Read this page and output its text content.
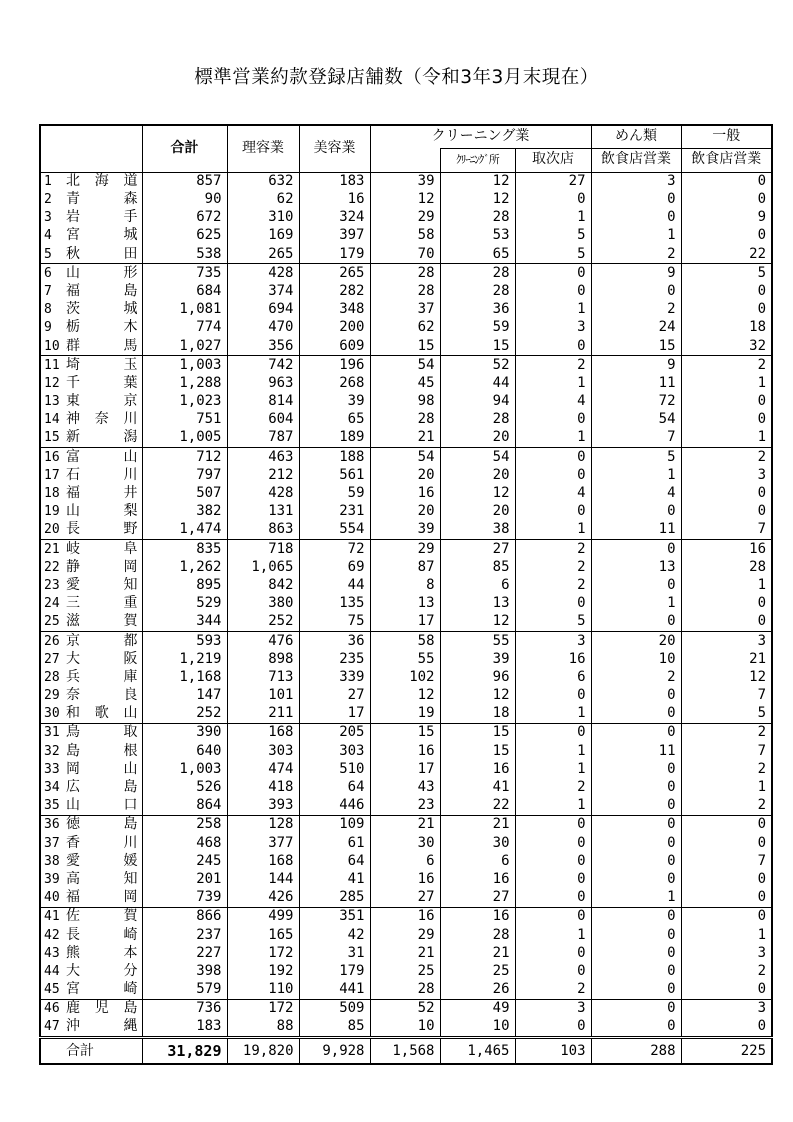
標準営業約款登録店舗数（令和3年3月末現在）
		合計	理容業	美容業	クリーニング業			めん類	一般
						ｸﾘｰﾆﾝｸﾞ所	取次店	飲食店営業	飲食店営業
1	北 海 道	857	632	183	39	12	27	3	0
2	青 森	90	62	16	12	12	0	0	0
3	岩 手	672	310	324	29	28	1	0	9
4	宮 城	625	169	397	58	53	5	1	0
5	秋 田	538	265	179	70	65	5	2	22
6	山 形	735	428	265	28	28	0	9	5
7	福 島	684	374	282	28	28	0	0	0
8	茨 城	1,081	694	348	37	36	1	2	0
9	栃 木	774	470	200	62	59	3	24	18
10	群 馬	1,027	356	609	15	15	0	15	32
11	埼 玉	1,003	742	196	54	52	2	9	2
12	千 葉	1,288	963	268	45	44	1	11	1
13	東 京	1,023	814	39	98	94	4	72	0
14	神 奈 川	751	604	65	28	28	0	54	0
15	新 潟	1,005	787	189	21	20	1	7	1
16	富 山	712	463	188	54	54	0	5	2
17	石 川	797	212	561	20	20	0	1	3
18	福 井	507	428	59	16	12	4	4	0
19	山 梨	382	131	231	20	20	0	0	0
20	長 野	1,474	863	554	39	38	1	11	7
21	岐 阜	835	718	72	29	27	2	0	16
22	静 岡	1,262	1,065	69	87	85	2	13	28
23	愛 知	895	842	44	8	6	2	0	1
24	三 重	529	380	135	13	13	0	1	0
25	滋 賀	344	252	75	17	12	5	0	0
26	京 都	593	476	36	58	55	3	20	3
27	大 阪	1,219	898	235	55	39	16	10	21
28	兵 庫	1,168	713	339	102	96	6	2	12
29	奈 良	147	101	27	12	12	0	0	7
30	和 歌 山	252	211	17	19	18	1	0	5
31	鳥 取	390	168	205	15	15	0	0	2
32	島 根	640	303	303	16	15	1	11	7
33	岡 山	1,003	474	510	17	16	1	0	2
34	広 島	526	418	64	43	41	2	0	1
35	山 口	864	393	446	23	22	1	0	2
36	徳 島	258	128	109	21	21	0	0	0
37	香 川	468	377	61	30	30	0	0	0
38	愛 媛	245	168	64	6	6	0	0	7
39	高 知	201	144	41	16	16	0	0	0
40	福 岡	739	426	285	27	27	0	1	0
41	佐 賀	866	499	351	16	16	0	0	0
42	長 崎	237	165	42	29	28	1	0	1
43	熊 本	227	172	31	21	21	0	0	3
44	大 分	398	192	179	25	25	0	0	2
45	宮 崎	579	110	441	28	26	2	0	0
46	鹿 児 島	736	172	509	52	49	3	0	3
47	沖 縄	183	88	85	10	10	0	0	0

合計	31,829	19,820	9,928	1,568	1,465	103	288	225
